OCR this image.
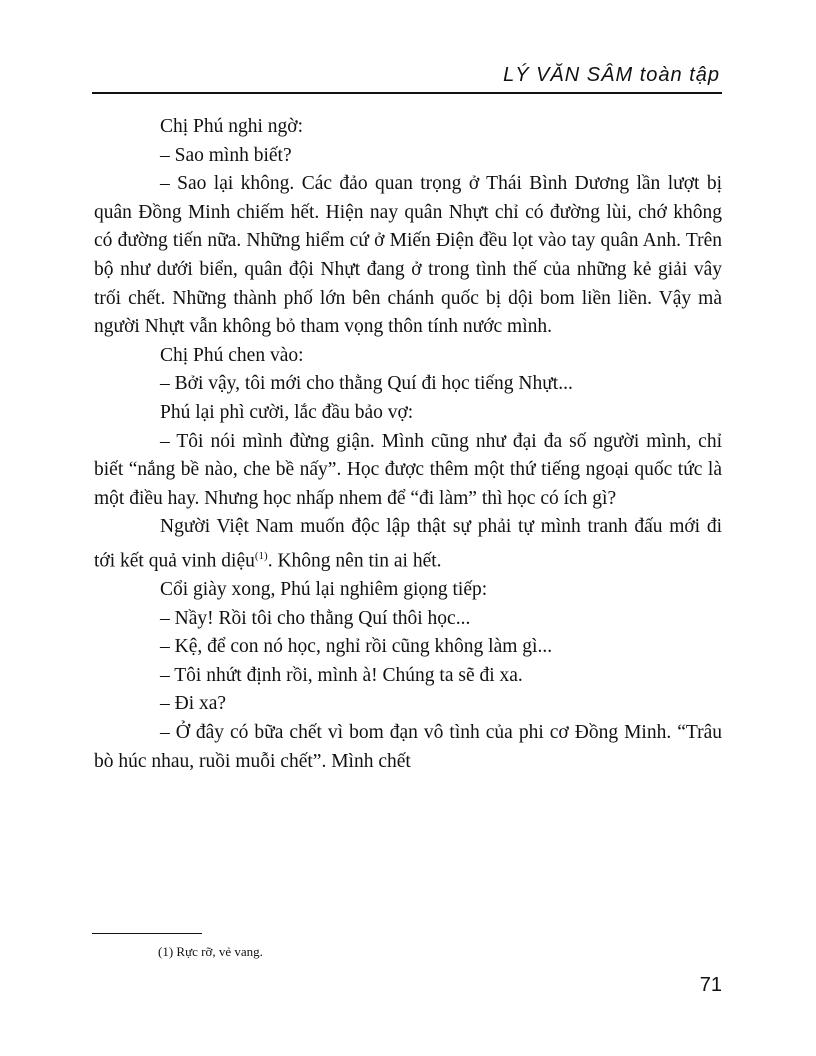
LÝ VĂN SÂM toàn tập

Chị Phú nghi ngờ:

– Sao mình biết?

– Sao lại không. Các đảo quan trọng ở Thái Bình Dương lần lượt bị quân Đồng Minh chiếm hết. Hiện nay quân Nhựt chỉ có đường lùi, chớ không có đường tiến nữa. Những hiểm cứ ở Miến Điện đều lọt vào tay quân Anh. Trên bộ như dưới biển, quân đội Nhựt đang ở trong tình thế của những kẻ giải vây trối chết. Những thành phố lớn bên chánh quốc bị dội bom liền liền. Vậy mà người Nhựt vẫn không bỏ tham vọng thôn tính nước mình.

Chị Phú chen vào:

– Bởi vậy, tôi mới cho thằng Quí đi học tiếng Nhựt...

Phú lại phì cười, lắc đầu bảo vợ:

– Tôi nói mình đừng giận. Mình cũng như đại đa số người mình, chỉ biết “nắng bề nào, che bề nấy”. Học được thêm một thứ tiếng ngoại quốc tức là một điều hay. Nhưng học nhấp nhem để “đi làm” thì học có ích gì?

Người Việt Nam muốn độc lập thật sự phải tự mình tranh đấu mới đi tới kết quả vinh diệu$^{(1)}$. Không nên tin ai hết.

Cổi giày xong, Phú lại nghiêm giọng tiếp:

– Nầy! Rồi tôi cho thằng Quí thôi học...

– Kệ, để con nó học, nghỉ rồi cũng không làm gì...

– Tôi nhứt định rồi, mình à! Chúng ta sẽ đi xa.

– Đi xa?

– Ở đây có bữa chết vì bom đạn vô tình của phi cơ Đồng Minh. “Trâu bò húc nhau, ruồi muỗi chết”. Mình chết

(1) Rực rỡ, vẻ vang.
71
